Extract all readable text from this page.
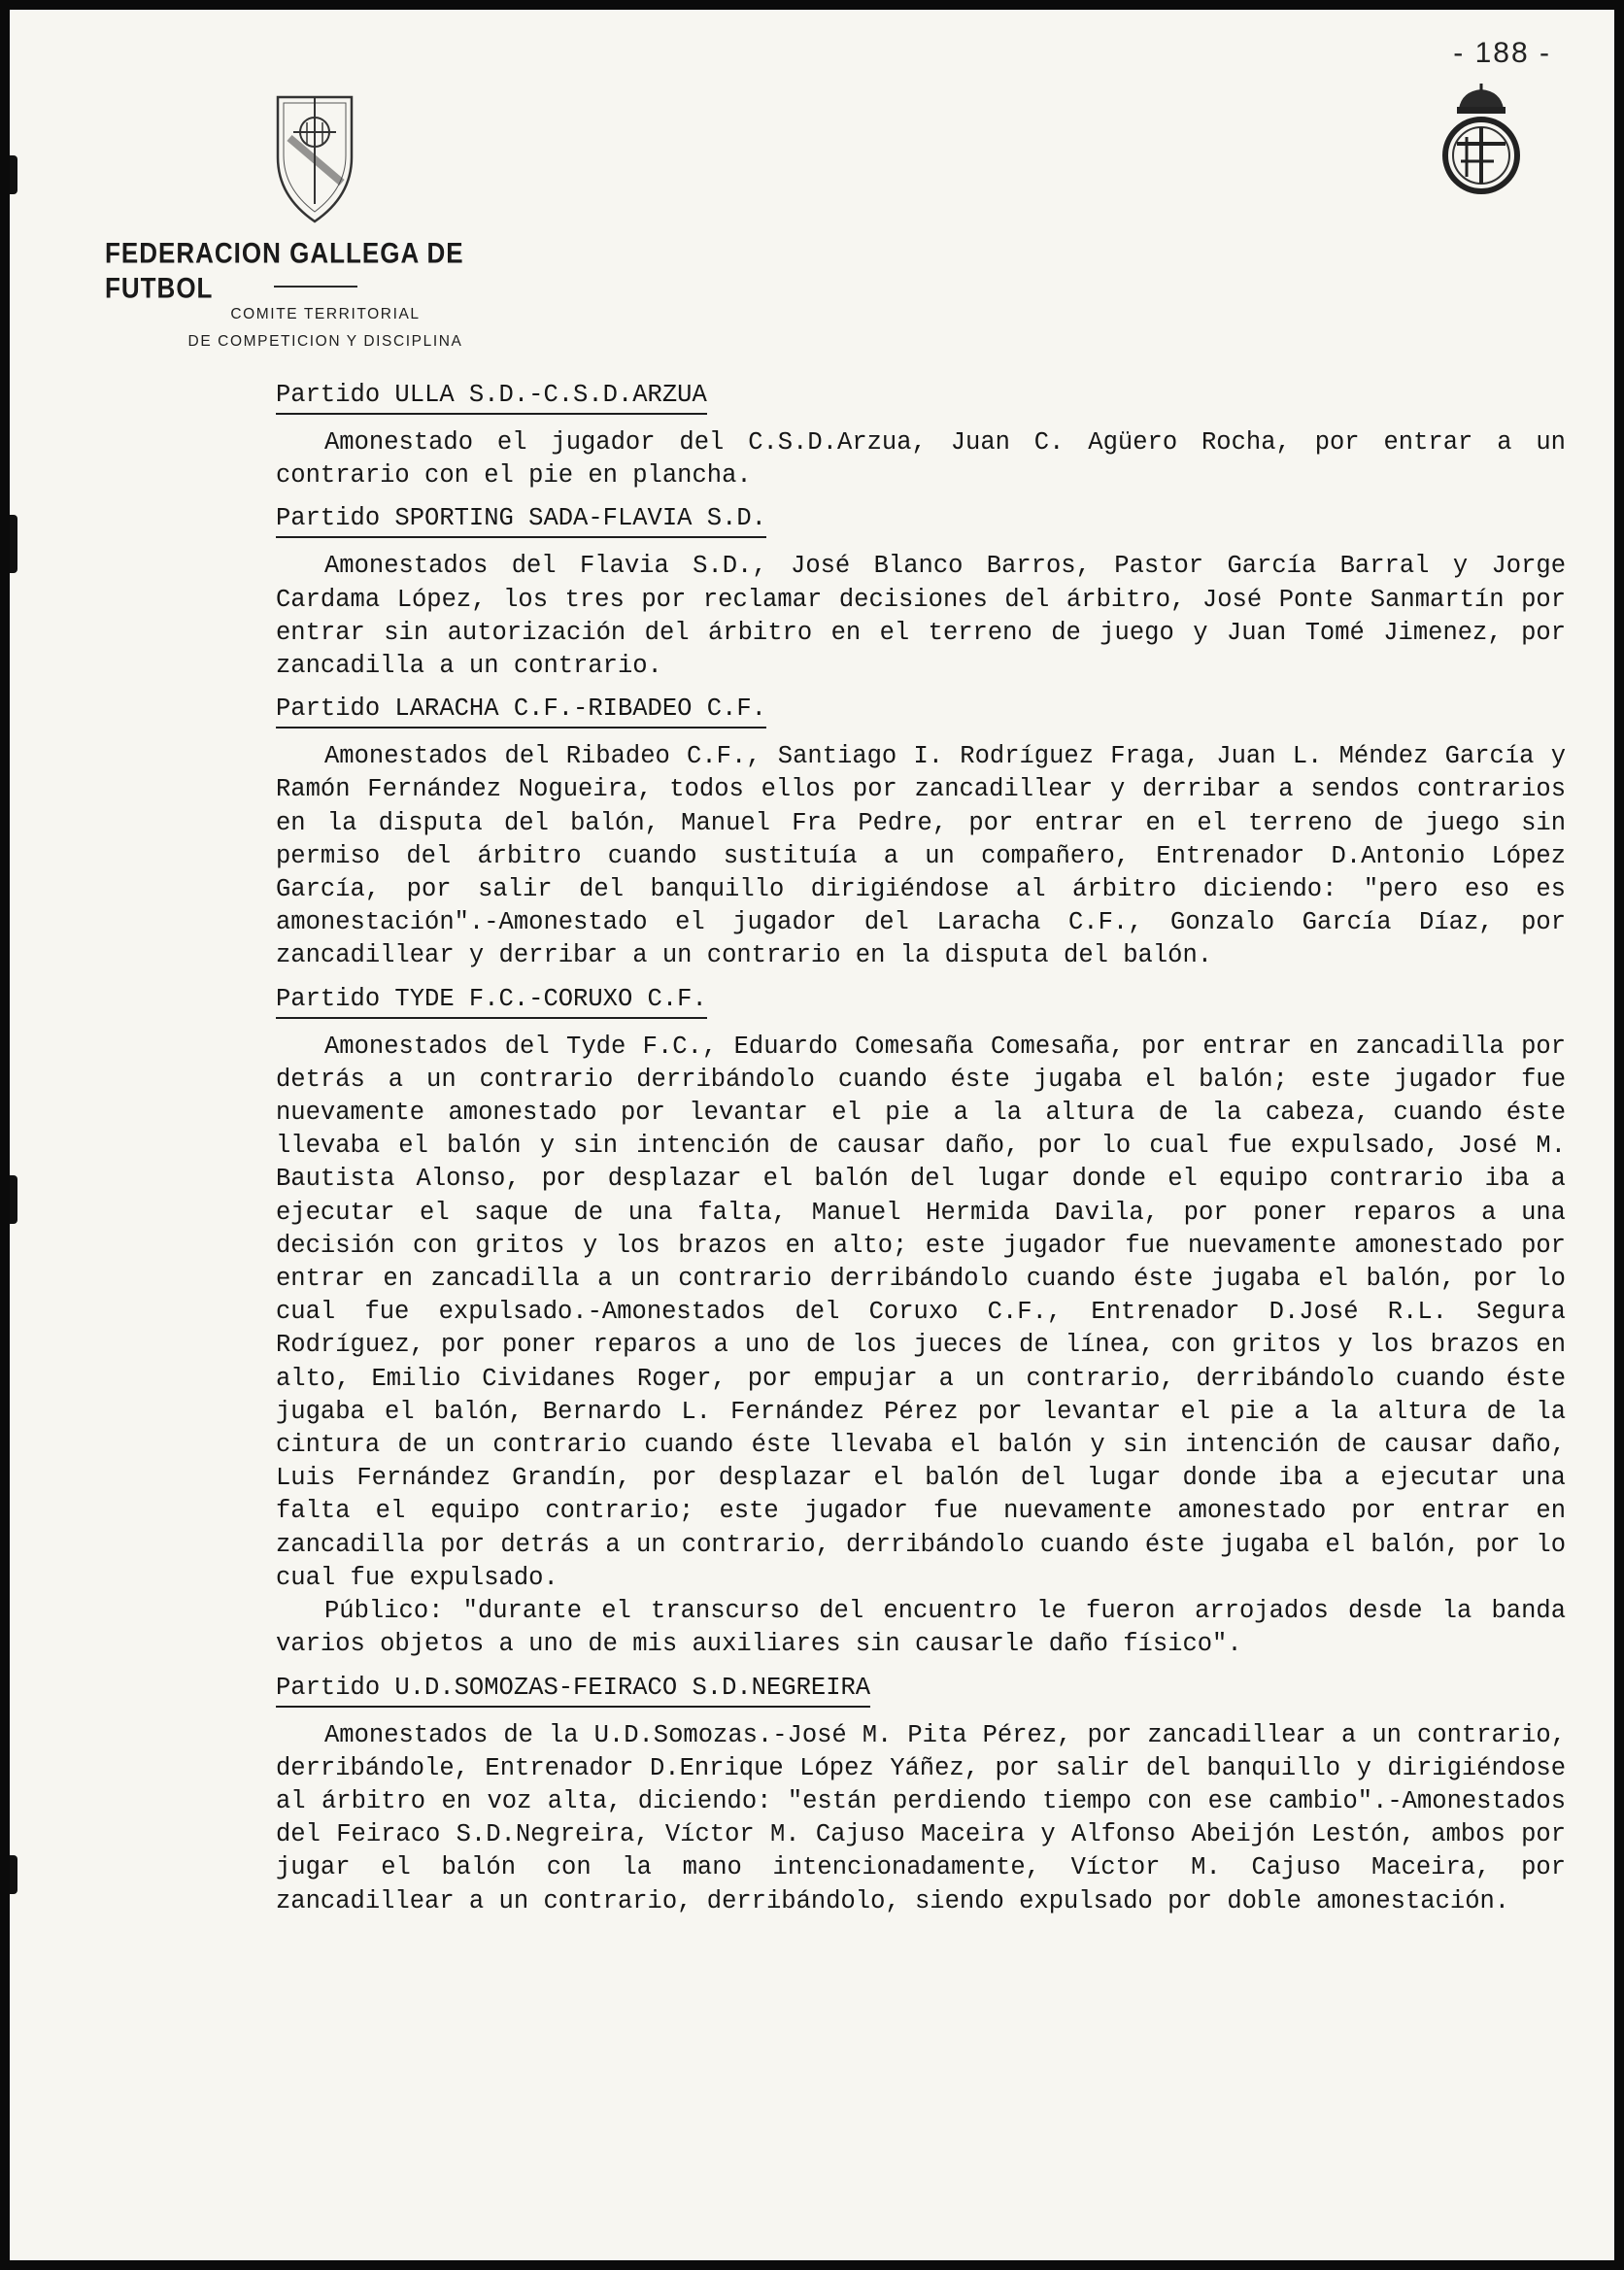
- 188 -
FEDERACION GALLEGA DE FUTBOL
COMITE TERRITORIAL
DE COMPETICION Y DISCIPLINA
Partido ULLA S.D.-C.S.D.ARZUA

Amonestado el jugador del C.S.D.Arzua, Juan C. Agüero Rocha, por entrar a un contrario con el pie en plancha.

Partido SPORTING SADA-FLAVIA S.D.

Amonestados del Flavia S.D., José Blanco Barros, Pastor García Barral y Jorge Cardama López, los tres por reclamar decisiones del árbitro, José Ponte Sanmartín por entrar sin autorización del árbitro en el terreno de juego y Juan Tomé Jimenez, por zancadilla a un contrario.

Partido LARACHA C.F.-RIBADEO C.F.

Amonestados del Ribadeo C.F., Santiago I. Rodríguez Fraga, Juan L. Méndez García y Ramón Fernández Nogueira, todos ellos por zancadillear y derribar a sendos contrarios en la disputa del balón, Manuel Fra Pedre, por entrar en el terreno de juego sin permiso del árbitro cuando sustituía a un compañero, Entrenador D.Antonio López García, por salir del banquillo dirigiéndose al árbitro diciendo: "pero eso es amonestación".-Amonestado el jugador del Laracha C.F., Gonzalo García Díaz, por zancadillear y derribar a un contrario en la disputa del balón.

Partido TYDE F.C.-CORUXO C.F.

Amonestados del Tyde F.C., Eduardo Comesaña Comesaña, por entrar en zancadilla por detrás a un contrario derribándolo cuando éste jugaba el balón; este jugador fue nuevamente amonestado por levantar el pie a la altura de la cabeza, cuando éste llevaba el balón y sin intención de causar daño, por lo cual fue expulsado, José M. Bautista Alonso, por desplazar el balón del lugar donde el equipo contrario iba a ejecutar el saque de una falta, Manuel Hermida Davila, por poner reparos a una decisión con gritos y los brazos en alto; este jugador fue nuevamente amonestado por entrar en zancadilla a un contrario derribándolo cuando éste jugaba el balón, por lo cual fue expulsado.-Amonestados del Coruxo C.F., Entrenador D.José R.L. Segura Rodríguez, por poner reparos a uno de los jueces de línea, con gritos y los brazos en alto, Emilio Cividanes Roger, por empujar a un contrario, derribándolo cuando éste jugaba el balón, Bernardo L. Fernández Pérez por levantar el pie a la altura de la cintura de un contrario cuando éste llevaba el balón y sin intención de causar daño, Luis Fernández Grandín, por desplazar el balón del lugar donde iba a ejecutar una falta el equipo contrario; este jugador fue nuevamente amonestado por entrar en zancadilla por detrás a un contrario, derribándolo cuando éste jugaba el balón, por lo cual fue expulsado.

Público: "durante el transcurso del encuentro le fueron arrojados desde la banda varios objetos a uno de mis auxiliares sin causarle daño físico".

Partido U.D.SOMOZAS-FEIRACO S.D.NEGREIRA

Amonestados de la U.D.Somozas.-José M. Pita Pérez, por zancadillear a un contrario, derribándole, Entrenador D.Enrique López Yáñez, por salir del banquillo y dirigiéndose al árbitro en voz alta, diciendo: "están perdiendo tiempo con ese cambio".-Amonestados del Feiraco S.D.Negreira, Víctor M. Cajuso Maceira y Alfonso Abeijón Lestón, ambos por jugar el balón con la mano intencionadamente, Víctor M. Cajuso Maceira, por zancadillear a un contrario, derribándolo, siendo expulsado por doble amonestación.
